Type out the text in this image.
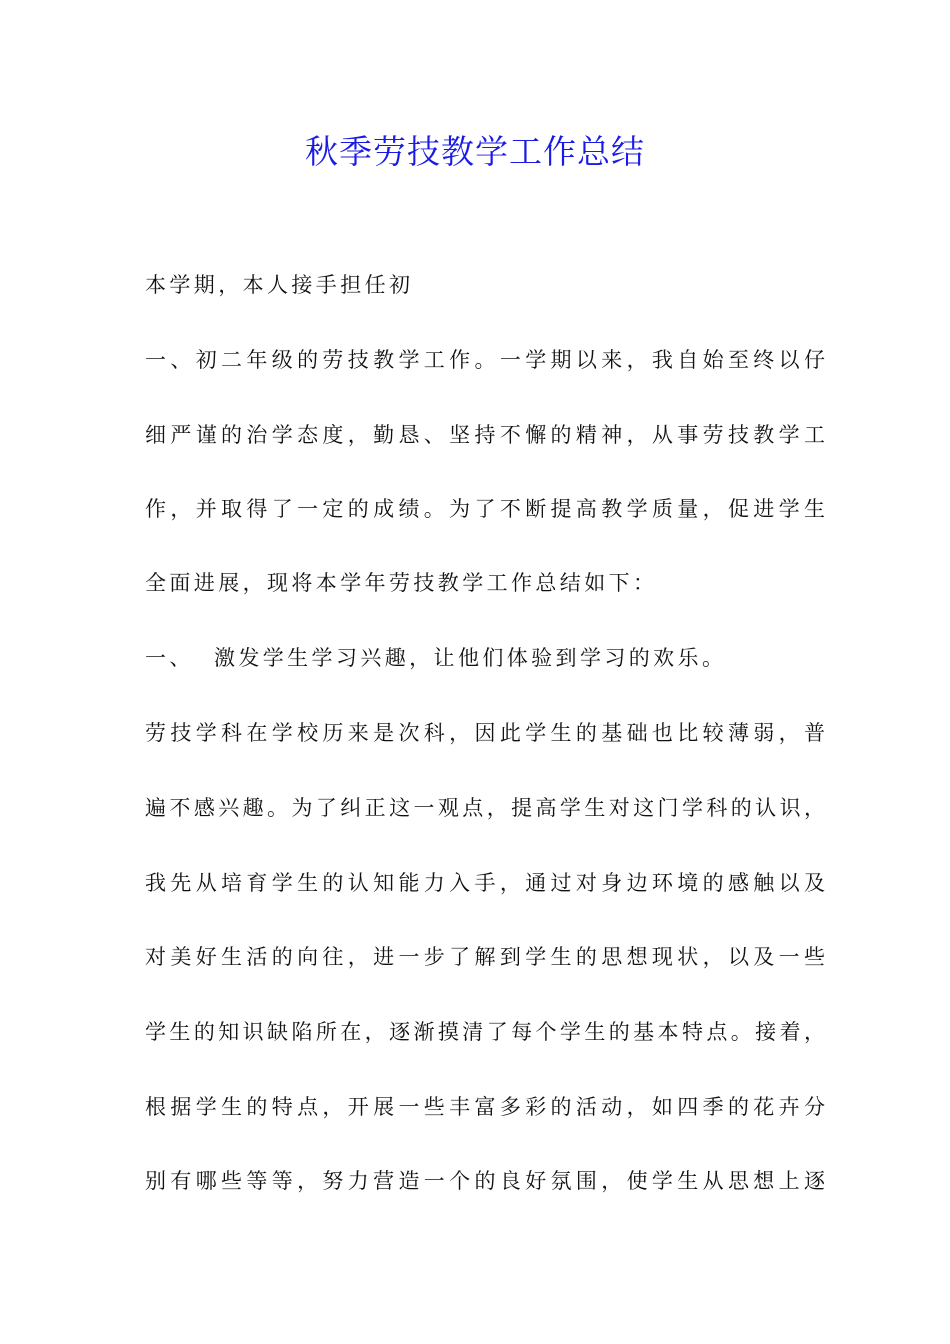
秋季劳技教学工作总结
本学期，本人接手担任初
一、初二年级的劳技教学工作。一学期以来，我自始至终以仔
细严谨的治学态度，勤恳、坚持不懈的精神，从事劳技教学工
作，并取得了一定的成绩。为了不断提高教学质量，促进学生
全面进展，现将本学年劳技教学工作总结如下：
一、  激发学生学习兴趣，让他们体验到学习的欢乐。
劳技学科在学校历来是次科，因此学生的基础也比较薄弱，普
遍不感兴趣。为了纠正这一观点，提高学生对这门学科的认识，
我先从培育学生的认知能力入手，通过对身边环境的感触以及
对美好生活的向往，进一步了解到学生的思想现状，以及一些
学生的知识缺陷所在，逐渐摸清了每个学生的基本特点。接着，
根据学生的特点，开展一些丰富多彩的活动，如四季的花卉分
别有哪些等等，努力营造一个的良好氛围，使学生从思想上逐
